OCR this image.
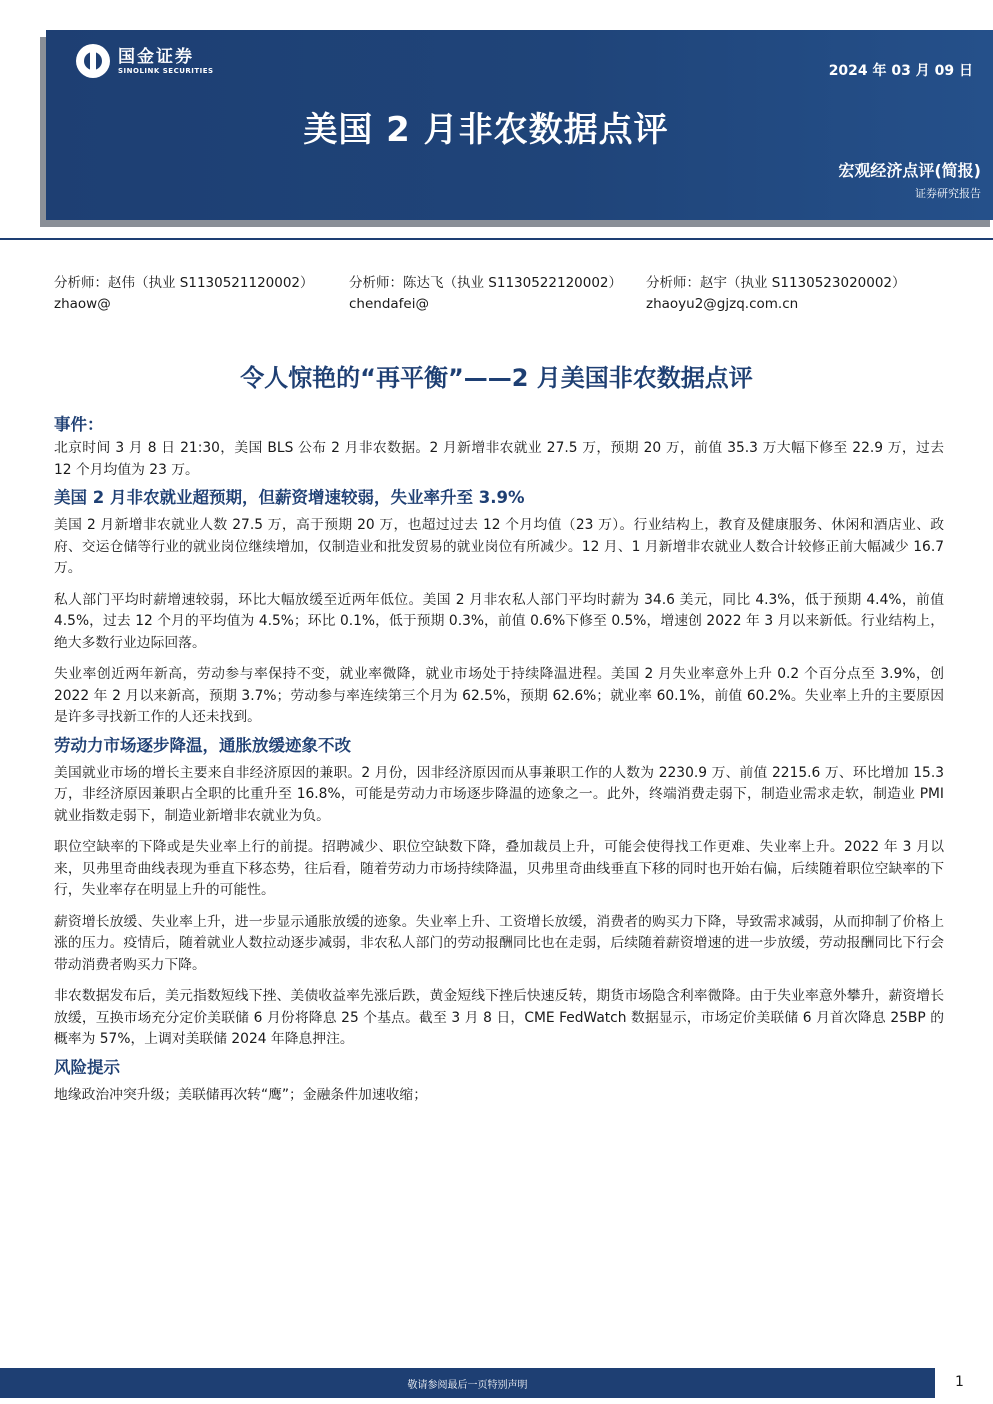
国金证券
SINOLINK SECURITIES	2024 年 03 月 09 日
美国 2 月非农数据点评
宏观经济点评(简报)
证券研究报告
分析师：赵伟（执业 S1130521120002）
zhaow@
分析师：陈达飞（执业 S1130522120002）
chendafei@
分析师：赵宇（执业 S1130523020002）
zhaoyu2@gjzq.com.cn
令人惊艳的“再平衡”——2 月美国非农数据点评
事件：

北京时间 3 月 8 日 21:30，美国 BLS 公布 2 月非农数据。2 月新增非农就业 27.5 万，预期 20 万，前值 35.3 万大幅下修至 22.9 万，过去 12 个月均值为 23 万。

美国 2 月非农就业超预期，但薪资增速较弱，失业率升至 3.9%

美国 2 月新增非农就业人数 27.5 万，高于预期 20 万，也超过过去 12 个月均值（23 万）。行业结构上，教育及健康服务、休闲和酒店业、政府、交运仓储等行业的就业岗位继续增加，仅制造业和批发贸易的就业岗位有所减少。12 月、1 月新增非农就业人数合计较修正前大幅减少 16.7 万。

私人部门平均时薪增速较弱，环比大幅放缓至近两年低位。美国 2 月非农私人部门平均时薪为 34.6 美元，同比 4.3%，低于预期 4.4%，前值 4.5%，过去 12 个月的平均值为 4.5%；环比 0.1%，低于预期 0.3%，前值 0.6%下修至 0.5%，增速创 2022 年 3 月以来新低。行业结构上，绝大多数行业边际回落。

失业率创近两年新高，劳动参与率保持不变，就业率微降，就业市场处于持续降温进程。美国 2 月失业率意外上升 0.2 个百分点至 3.9%，创 2022 年 2 月以来新高，预期 3.7%；劳动参与率连续第三个月为 62.5%，预期 62.6%；就业率 60.1%，前值 60.2%。失业率上升的主要原因是许多寻找新工作的人还未找到。

劳动力市场逐步降温，通胀放缓迹象不改

美国就业市场的增长主要来自非经济原因的兼职。2 月份，因非经济原因而从事兼职工作的人数为 2230.9 万、前值 2215.6 万、环比增加 15.3 万，非经济原因兼职占全职的比重升至 16.8%，可能是劳动力市场逐步降温的迹象之一。此外，终端消费走弱下，制造业需求走软，制造业 PMI 就业指数走弱下，制造业新增非农就业为负。

职位空缺率的下降或是失业率上行的前提。招聘减少、职位空缺数下降，叠加裁员上升，可能会使得找工作更难、失业率上升。2022 年 3 月以来，贝弗里奇曲线表现为垂直下移态势，往后看，随着劳动力市场持续降温，贝弗里奇曲线垂直下移的同时也开始右偏，后续随着职位空缺率的下行，失业率存在明显上升的可能性。

薪资增长放缓、失业率上升，进一步显示通胀放缓的迹象。失业率上升、工资增长放缓，消费者的购买力下降，导致需求减弱，从而抑制了价格上涨的压力。疫情后，随着就业人数拉动逐步减弱，非农私人部门的劳动报酬同比也在走弱，后续随着薪资增速的进一步放缓，劳动报酬同比下行会带动消费者购买力下降。

非农数据发布后，美元指数短线下挫、美债收益率先涨后跌，黄金短线下挫后快速反转，期货市场隐含利率微降。由于失业率意外攀升，薪资增长放缓，互换市场充分定价美联储 6 月份将降息 25 个基点。截至 3 月 8 日，CME FedWatch 数据显示，市场定价美联储 6 月首次降息 25BP 的概率为 57%，上调对美联储 2024 年降息押注。

风险提示

地缘政治冲突升级；美联储再次转“鹰”；金融条件加速收缩；

敬请参阅最后一页特别声明	1
